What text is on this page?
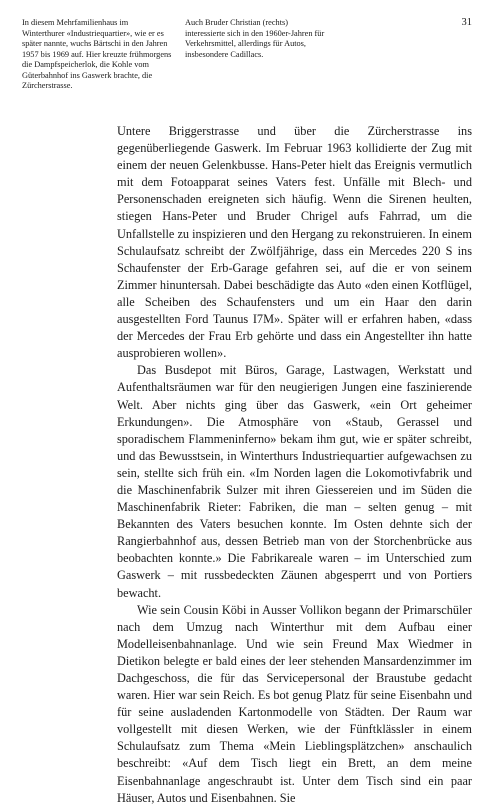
In diesem Mehrfamilienhaus im Winterthurer «Industriequartier», wie er es später nannte, wuchs Bärtschi in den Jahren 1957 bis 1969 auf. Hier kreuzte frühmorgens die Dampfspeicherlok, die Kohle vom Güterbahnhof ins Gaswerk brachte, die Zürcherstrasse.

Auch Bruder Christian (rechts) interessierte sich in den 1960er-Jahren für Verkehrsmittel, allerdings für Autos, insbesondere Cadillacs.

31

Untere Briggerstrasse und über die Zürcherstrasse ins gegenüberliegende Gaswerk. Im Februar 1963 kollidierte der Zug mit einem der neuen Gelenkbusse. Hans-Peter hielt das Ereignis vermutlich mit dem Fotoapparat seines Vaters fest. Unfälle mit Blech- und Personenschaden ereigneten sich häufig. Wenn die Sirenen heulten, stiegen Hans-Peter und Bruder Chrigel aufs Fahrrad, um die Unfallstelle zu inspizieren und den Hergang zu rekonstruieren. In einem Schulaufsatz schreibt der Zwölfjährige, dass ein Mercedes 220 S ins Schaufenster der Erb-Garage gefahren sei, auf die er von seinem Zimmer hinuntersah. Dabei beschädigte das Auto «den einen Kotflügel, alle Scheiben des Schaufensters und um ein Haar den darin ausgestellten Ford Taunus I7M». Später will er erfahren haben, «dass der Mercedes der Frau Erb gehörte und dass ein Angestellter ihn hatte ausprobieren wollen».

Das Busdepot mit Büros, Garage, Lastwagen, Werkstatt und Aufenthaltsräumen war für den neugierigen Jungen eine faszinierende Welt. Aber nichts ging über das Gaswerk, «ein Ort geheimer Erkundungen». Die Atmosphäre von «Staub, Gerassel und sporadischem Flammeninferno» bekam ihm gut, wie er später schreibt, und das Bewusstsein, in Winterthurs Industriequartier aufgewachsen zu sein, stellte sich früh ein. «Im Norden lagen die Lokomotivfabrik und die Maschinenfabrik Sulzer mit ihren Giessereien und im Süden die Maschinenfabrik Rieter: Fabriken, die man – selten genug – mit Bekannten des Vaters besuchen konnte. Im Osten dehnte sich der Rangierbahnhof aus, dessen Betrieb man von der Storchenbrücke aus beobachten konnte.» Die Fabrikareale waren – im Unterschied zum Gaswerk – mit russbedeckten Zäunen abgesperrt und von Portiers bewacht.

Wie sein Cousin Köbi in Ausser Vollikon begann der Primarschüler nach dem Umzug nach Winterthur mit dem Aufbau einer Modelleisenbahnanlage. Und wie sein Freund Max Wiedmer in Dietikon belegte er bald eines der leer stehenden Mansardenzimmer im Dachgeschoss, die für das Servicepersonal der Braustube gedacht waren. Hier war sein Reich. Es bot genug Platz für seine Eisenbahn und für seine ausladenden Kartonmodelle von Städten. Der Raum war vollgestellt mit diesen Werken, wie der Fünftklässler in einem Schulaufsatz zum Thema «Mein Lieblingsplätzchen» anschaulich beschreibt: «Auf dem Tisch liegt ein Brett, an dem meine Eisenbahnanlage angeschraubt ist. Unter dem Tisch sind ein paar Häuser, Autos und Eisenbahnen. Sie
